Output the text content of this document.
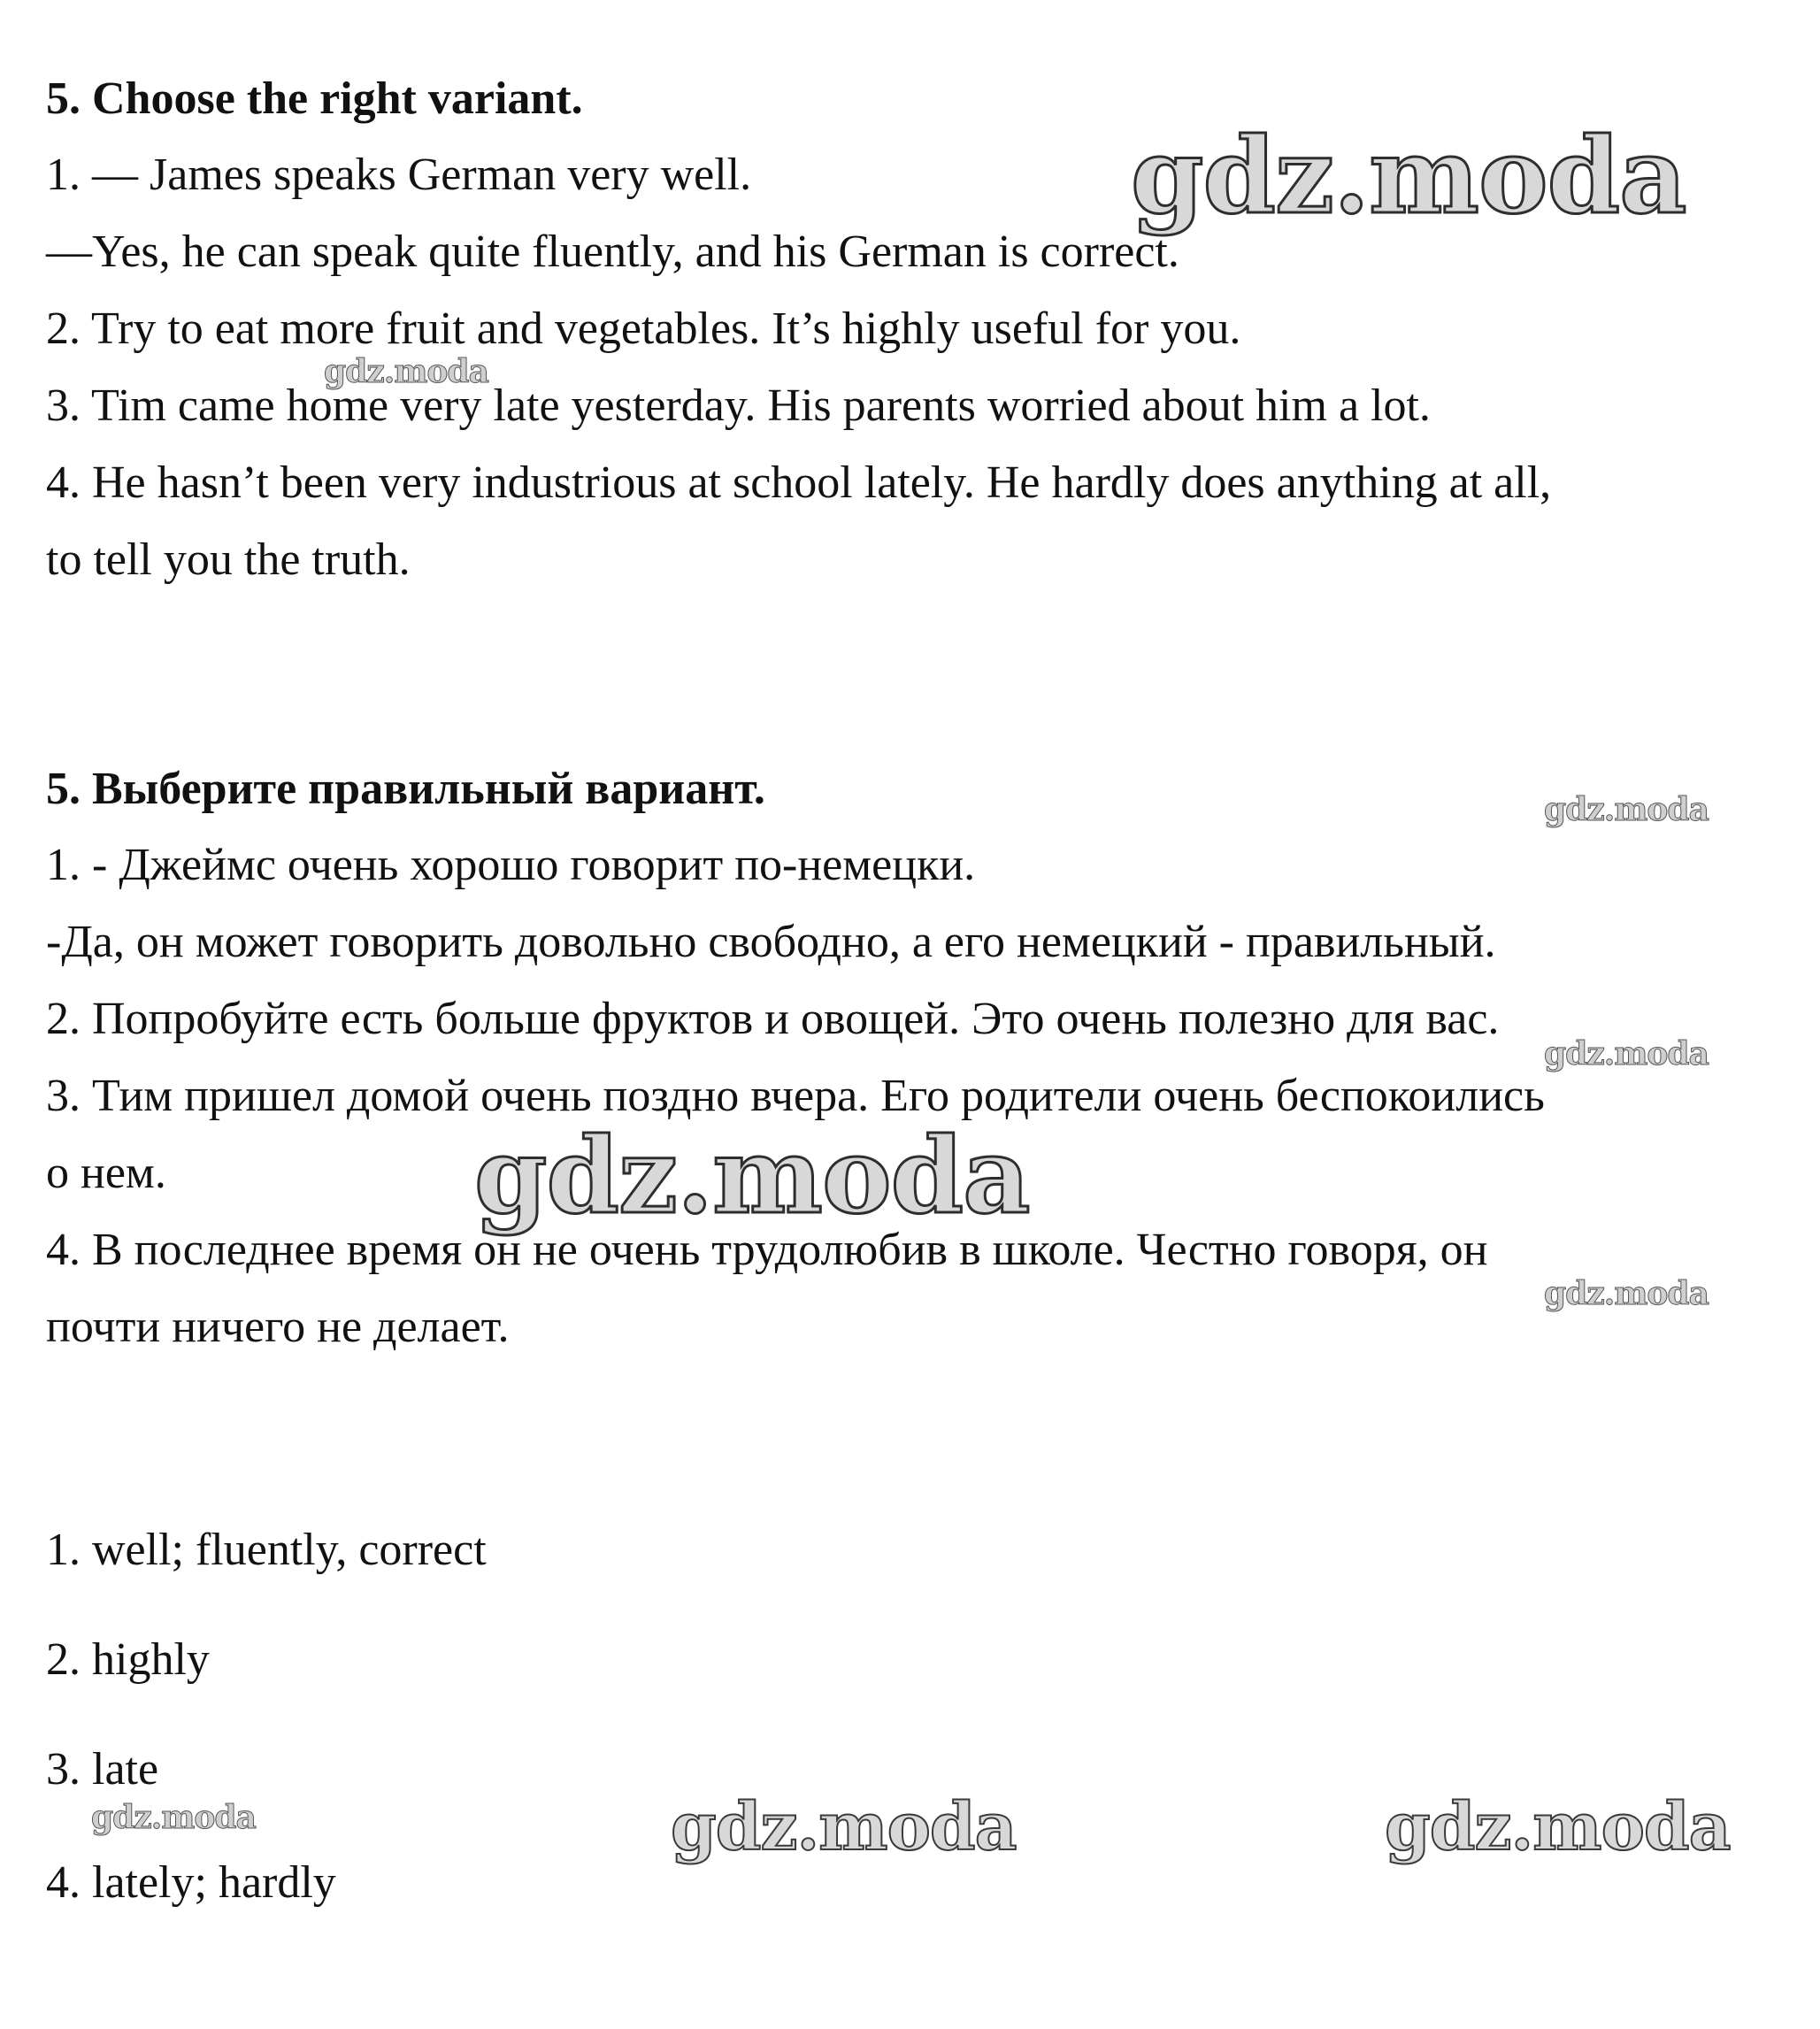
5. Choose the right variant.
1. — James speaks German very well.
—Yes, he can speak quite fluently, and his German is correct.
2. Try to eat more fruit and vegetables. It’s highly useful for you.
3. Tim came home very late yesterday. His parents worried about him a lot.
4. He hasn’t been very industrious at school lately. He hardly does anything at all,
to tell you the truth.
5. Выберите правильный вариант.
1. - Джеймс очень хорошо говорит по-немецки.
-Да, он может говорить довольно свободно, а его немецкий - правильный.
2. Попробуйте есть больше фруктов и овощей. Это очень полезно для вас.
3. Тим пришел домой очень поздно вчера. Его родители очень беспокоились
о нем.
4. В последнее время он не очень трудолюбив в школе. Честно говоря, он
почти ничего не делает.
1. well; fluently, correct
2. highly
3. late
4. lately; hardly
gdz.moda
gdz.moda
gdz.moda
gdz.moda
gdz.moda
gdz.moda
gdz.moda	gdz.moda	gdz.moda
